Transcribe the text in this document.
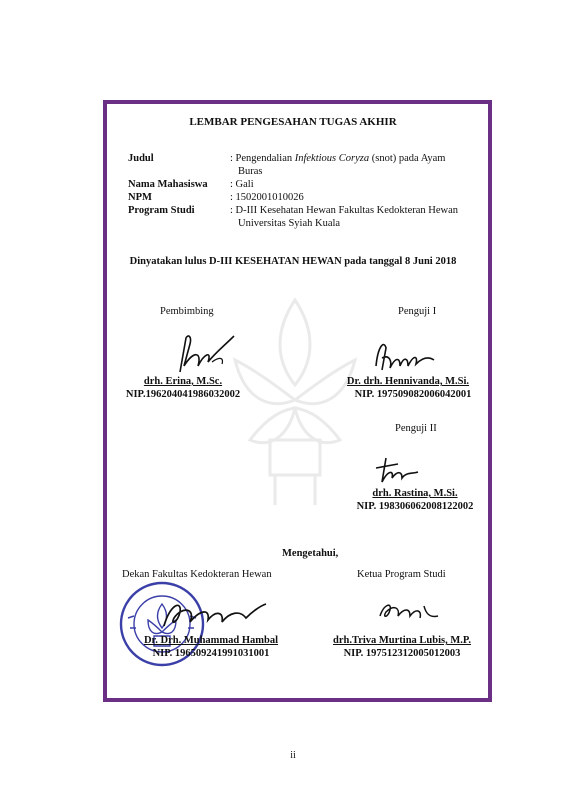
LEMBAR PENGESAHAN TUGAS AKHIR
Judul	: Pengendalian Infektious Coryza (snot) pada Ayam
Buras
Nama Mahasiswa : Gali
NPM	: 1502001010026
Program Studi	: D-III Kesehatan Hewan Fakultas Kedokteran Hewan
Universitas Syiah Kuala
Dinyatakan lulus D-III KESEHATAN HEWAN pada tanggal 8 Juni 2018
Pembimbing
drh. Erina, M.Sc.
NIP.196204041986032002
Penguji I
Dr. drh. Hennivanda, M.Si.
NIP. 197509082006042001
Penguji II
drh. Rastina, M.Si.
NIP. 198306062008122002
Mengetahui,
Dekan Fakultas Kedokteran Hewan
Dr. Drh. Muhammad Hambal
NIP. 196509241991031001
Ketua Program Studi
drh.Triva Murtina Lubis, M.P.
NIP. 197512312005012003
ii
